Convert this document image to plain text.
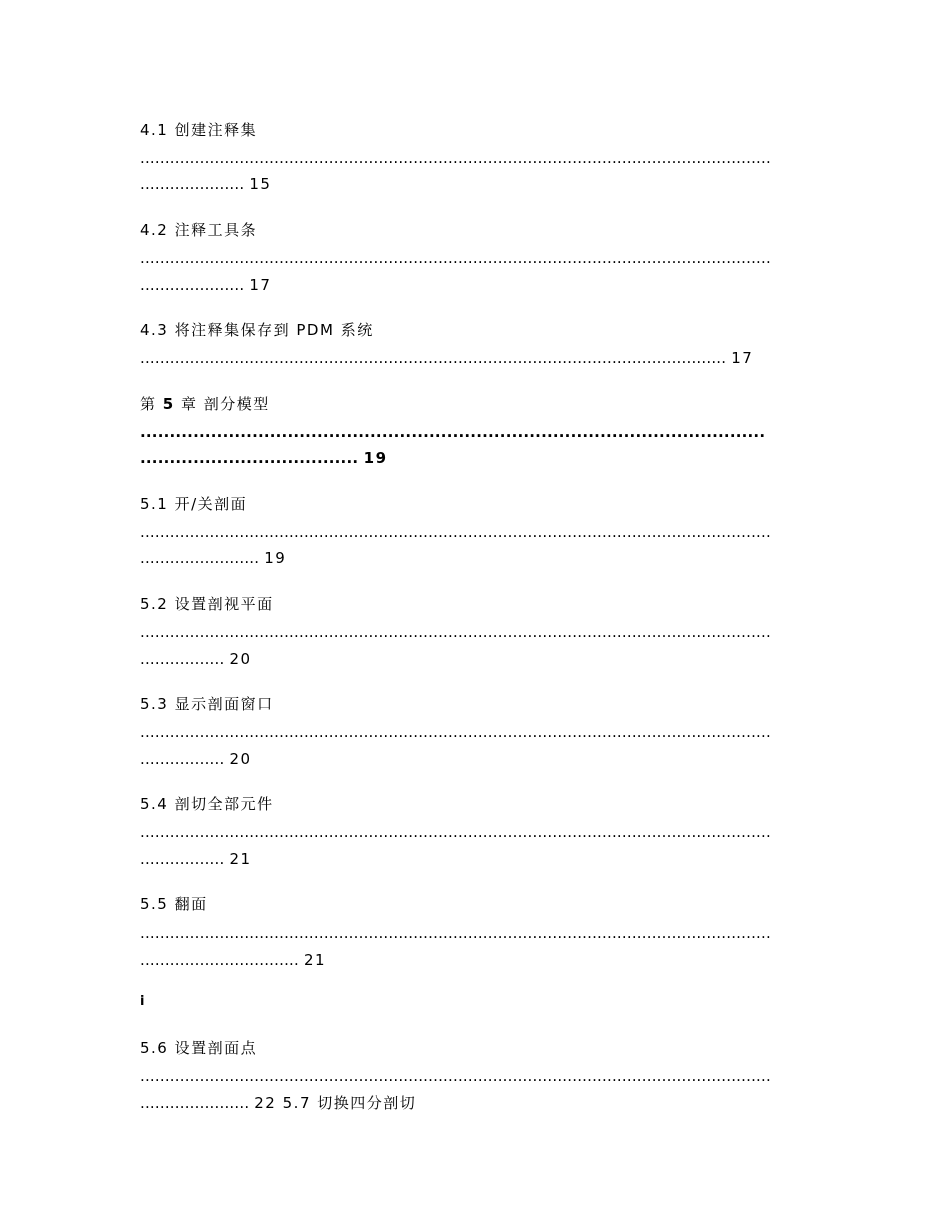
4.1 创建注释集
...............................................................................................................................
..................... 15
4.2 注释工具条
...............................................................................................................................
..................... 17
4.3 将注释集保存到 PDM 系统
...................................................................................................................... 17
第 5 章 剖分模型
..........................................................................................................
..................................... 19
5.1 开/关剖面
...............................................................................................................................
........................ 19
5.2 设置剖视平面
...............................................................................................................................
................. 20
5.3 显示剖面窗口
...............................................................................................................................
................. 20
5.4 剖切全部元件
...............................................................................................................................
................. 21
5.5 翻面
...............................................................................................................................
................................ 21
i
5.6 设置剖面点
...............................................................................................................................
...................... 22 5.7 切换四分剖切
